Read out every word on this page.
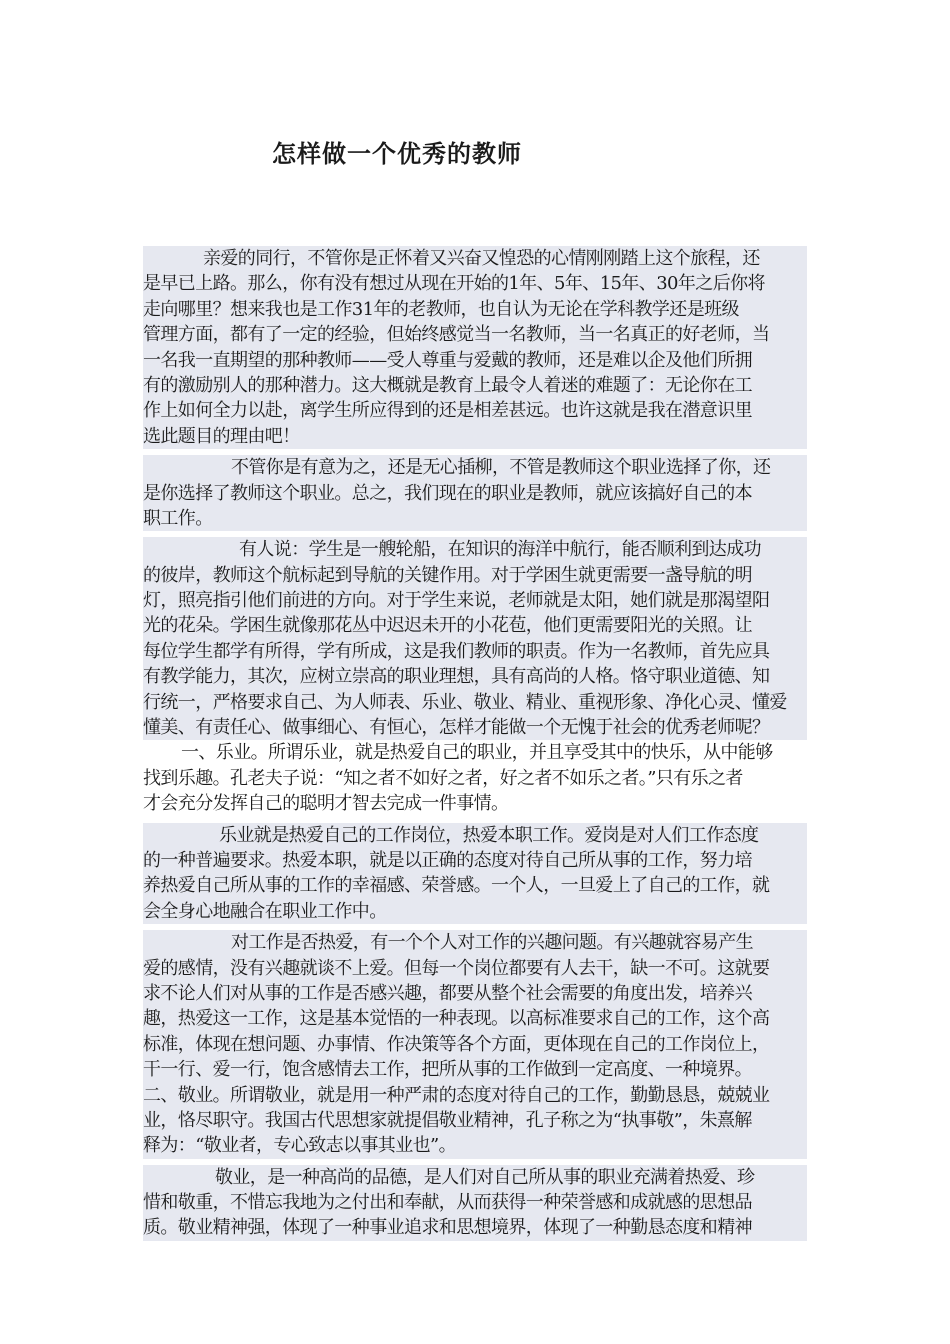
怎样做一个优秀的教师
亲爱的同行，不管你是正怀着又兴奋又惶恐的心情刚刚踏上这个旅程，还
是早已上路。那么，你有没有想过从现在开始的1年、5年、15年、30年之后你将
走向哪里？想来我也是工作31年的老教师，也自认为无论在学科教学还是班级
管理方面，都有了一定的经验，但始终感觉当一名教师，当一名真正的好老师，当
一名我一直期望的那种教师——受人尊重与爱戴的教师，还是难以企及他们所拥
有的激励别人的那种潜力。这大概就是教育上最令人着迷的难题了：无论你在工
作上如何全力以赴，离学生所应得到的还是相差甚远。也许这就是我在潜意识里
选此题目的理由吧！
不管你是有意为之，还是无心插柳，不管是教师这个职业选择了你，还
是你选择了教师这个职业。总之，我们现在的职业是教师，就应该搞好自己的本
职工作。
有人说：学生是一艘轮船，在知识的海洋中航行，能否顺利到达成功
的彼岸，教师这个航标起到导航的关键作用。对于学困生就更需要一盏导航的明
灯，照亮指引他们前进的方向。对于学生来说，老师就是太阳，她们就是那渴望阳
光的花朵。学困生就像那花丛中迟迟未开的小花苞，他们更需要阳光的关照。让
每位学生都学有所得，学有所成，这是我们教师的职责。作为一名教师，首先应具
有教学能力，其次，应树立崇高的职业理想，具有高尚的人格。恪守职业道德、知
行统一，严格要求自己、为人师表、乐业、敬业、精业、重视形象、净化心灵、懂爱
懂美、有责任心、做事细心、有恒心，怎样才能做一个无愧于社会的优秀老师呢？
一、乐业。所谓乐业，就是热爱自己的职业，并且享受其中的快乐，从中能够
找到乐趣。孔老夫子说：“知之者不如好之者，好之者不如乐之者。”只有乐之者
才会充分发挥自己的聪明才智去完成一件事情。
乐业就是热爱自己的工作岗位，热爱本职工作。爱岗是对人们工作态度
的一种普遍要求。热爱本职，就是以正确的态度对待自己所从事的工作，努力培
养热爱自己所从事的工作的幸福感、荣誉感。一个人，一旦爱上了自己的工作，就
会全身心地融合在职业工作中。
对工作是否热爱，有一个个人对工作的兴趣问题。有兴趣就容易产生
爱的感情，没有兴趣就谈不上爱。但每一个岗位都要有人去干，缺一不可。这就要
求不论人们对从事的工作是否感兴趣，都要从整个社会需要的角度出发，培养兴
趣，热爱这一工作，这是基本觉悟的一种表现。以高标准要求自己的工作，这个高
标准，体现在想问题、办事情、作决策等各个方面，更体现在自己的工作岗位上，
干一行、爱一行，饱含感情去工作，把所从事的工作做到一定高度、一种境界。
二、敬业。所谓敬业，就是用一种严肃的态度对待自己的工作，勤勤恳恳，兢兢业
业，恪尽职守。我国古代思想家就提倡敬业精神，孔子称之为“执事敬”，朱熹解
释为：“敬业者，专心致志以事其业也”。
敬业，是一种高尚的品德，是人们对自己所从事的职业充满着热爱、珍
惜和敬重，不惜忘我地为之付出和奉献，从而获得一种荣誉感和成就感的思想品
质。敬业精神强，体现了一种事业追求和思想境界，体现了一种勤恳态度和精神
